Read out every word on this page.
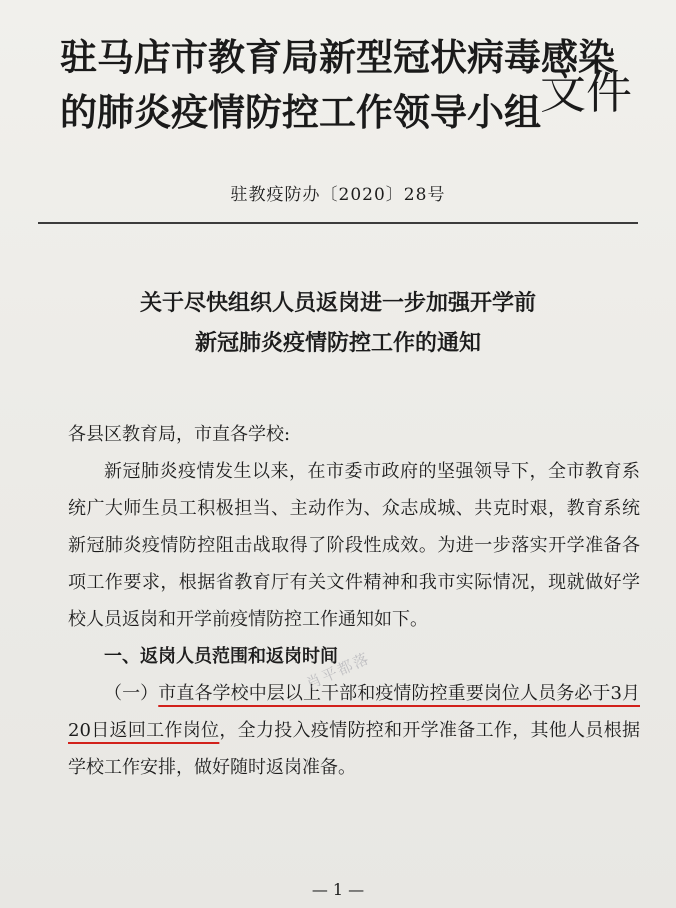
驻马店市教育局新型冠状病毒感染
的肺炎疫情防控工作领导小组 文件
驻教疫防办〔2020〕28号
关于尽快组织人员返岗进一步加强开学前
新冠肺炎疫情防控工作的通知

各县区教育局，市直各学校:

新冠肺炎疫情发生以来，在市委市政府的坚强领导下，全市教育系统广大师生员工积极担当、主动作为、众志成城、共克时艰，教育系统新冠肺炎疫情防控阻击战取得了阶段性成效。为进一步落实开学准备各项工作要求，根据省教育厅有关文件精神和我市实际情况，现就做好学校人员返岗和开学前疫情防控工作通知如下。

一、返岗人员范围和返岗时间

（一）市直各学校中层以上干部和疫情防控重要岗位人员务必于3月20日返回工作岗位，全力投入疫情防控和开学准备工作，其他人员根据学校工作安排，做好随时返岗准备。

肖平都落
— 1 —
